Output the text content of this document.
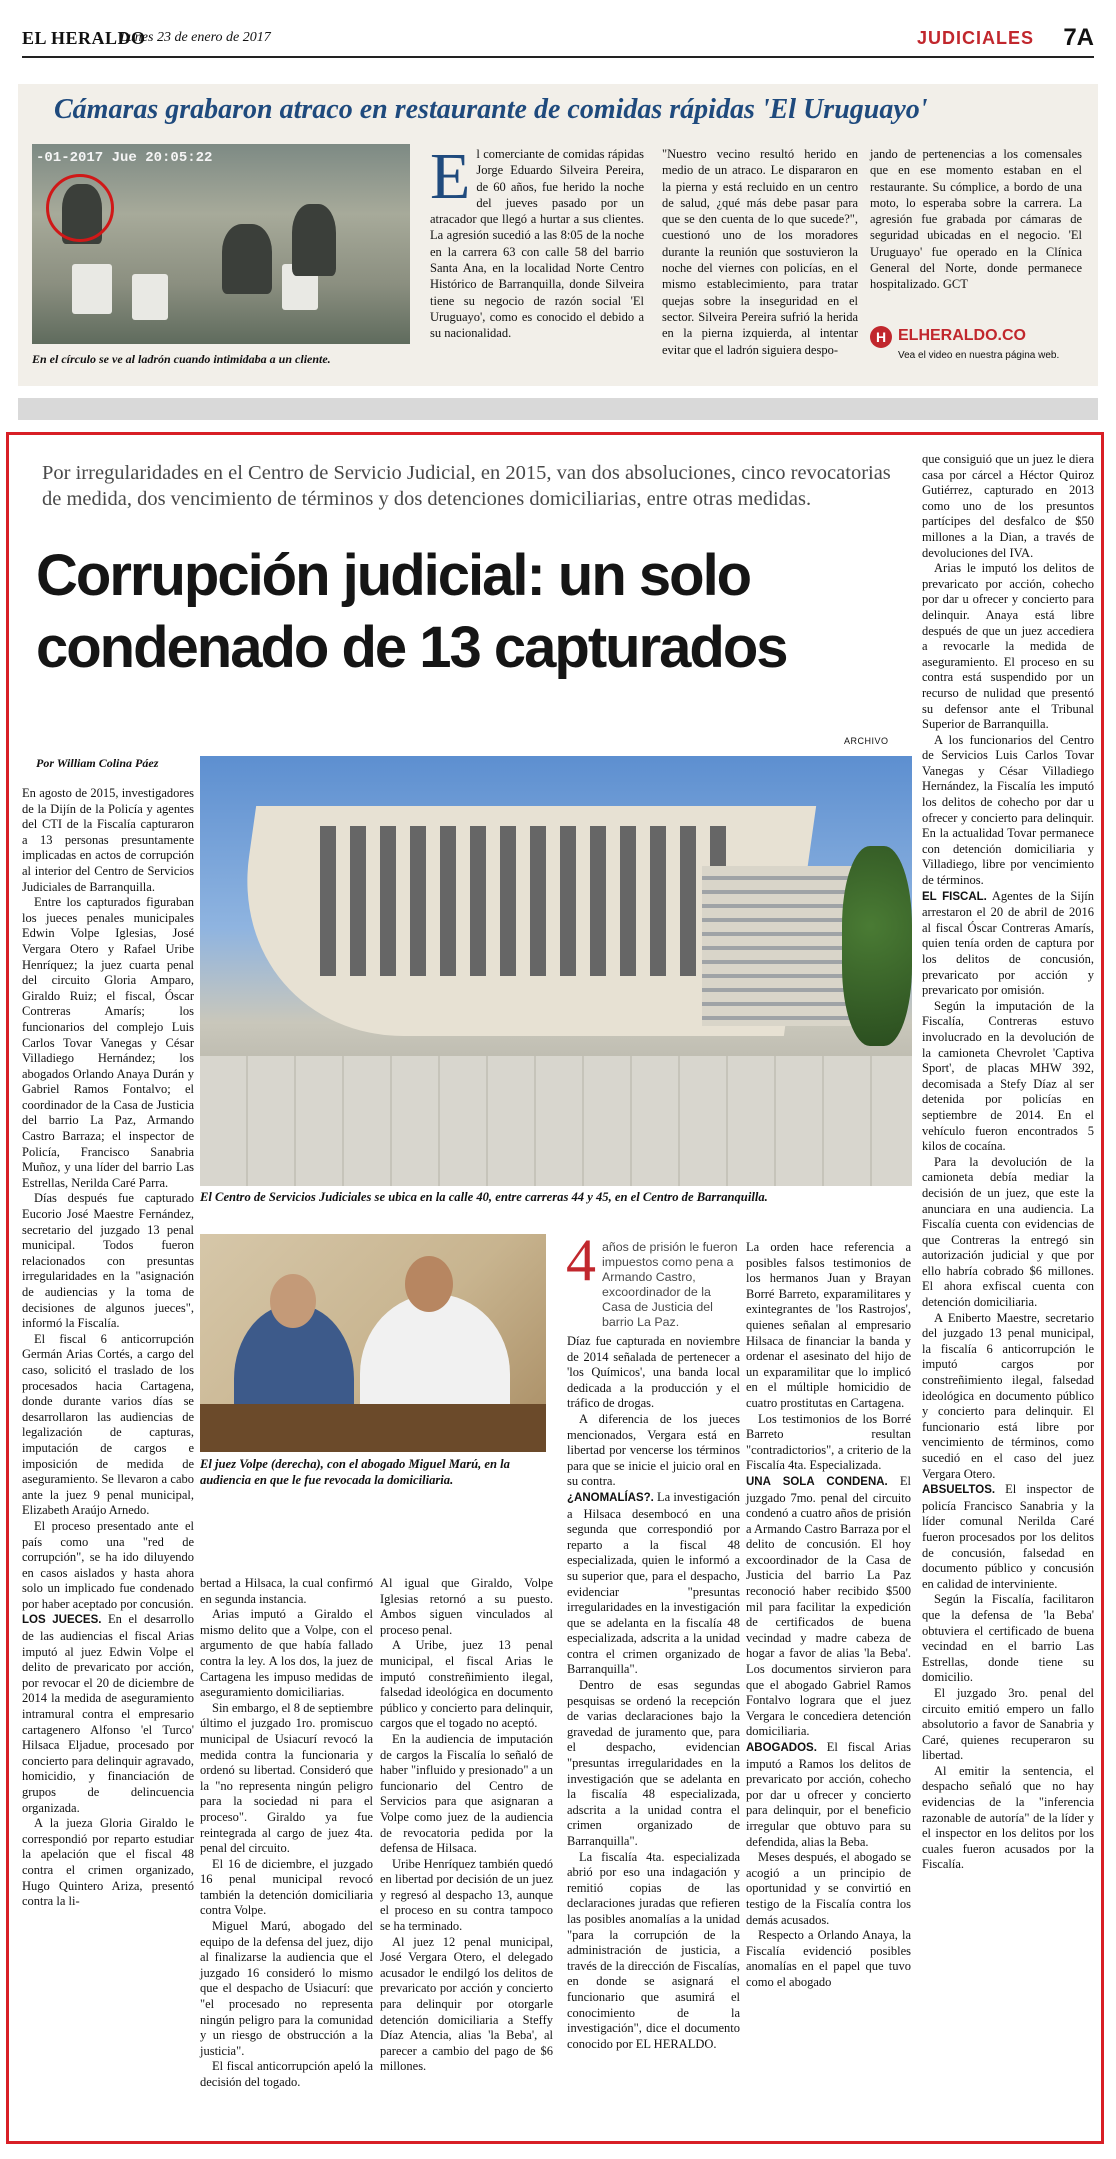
EL HERALDO
Lunes 23 de enero de 2017	JUDICIALES 7A
Cámaras grabaron atraco en restaurante de comidas rápidas 'El Uruguayo'
-01-2017 Jue 20:05:22
En el círculo se ve al ladrón cuando intimidaba a un cliente.
El comerciante de comidas rápidas Jorge Eduardo Silveira Pereira, de 60 años, fue herido la noche del jueves pasado por un atracador que llegó a hurtar a sus clientes. La agresión sucedió a las 8:05 de la noche en la carrera 63 con calle 58 del barrio Santa Ana, en la localidad Norte Centro Histórico de Barranquilla, donde Silveira tiene su negocio de razón social 'El Uruguayo', como es conocido el debido a su nacionalidad.
"Nuestro vecino resultó herido en medio de un atraco. Le dispararon en la pierna y está recluido en un centro de salud, ¿qué más debe pasar para que se den cuenta de lo que sucede?", cuestionó uno de los moradores durante la reunión que sostuvieron la noche del viernes con policías, en el mismo establecimiento, para tratar quejas sobre la inseguridad en el sector. Silveira Pereira sufrió la herida en la pierna izquierda, al intentar evitar que el ladrón siguiera despo-
jando de pertenencias a los comensales que en ese momento estaban en el restaurante. Su cómplice, a bordo de una moto, lo esperaba sobre la carrera. La agresión fue grabada por cámaras de seguridad ubicadas en el negocio. 'El Uruguayo' fue operado en la Clínica General del Norte, donde permanece hospitalizado. GCT
H ELHERALDO.CO
Vea el video en nuestra página web.
Por irregularidades en el Centro de Servicio Judicial, en 2015, van dos absoluciones, cinco revocatorias de medida, dos vencimiento de términos y dos detenciones domiciliarias, entre otras medidas.
Corrupción judicial: un solo condenado de 13 capturados
ARCHIVO
Por William Colina Páez
El Centro de Servicios Judiciales se ubica en la calle 40, entre carreras 44 y 45, en el Centro de Barranquilla.
El juez Volpe (derecha), con el abogado Miguel Marú, en la audiencia en que le fue revocada la domiciliaria.
4 años de prisión le fueron impuestos como pena a Armando Castro, excoordinador de la Casa de Justicia del barrio La Paz.

En agosto de 2015, investigadores de la Dijín de la Policía y agentes del CTI de la Fiscalía capturaron a 13 personas presuntamente implicadas en actos de corrupción al interior del Centro de Servicios Judiciales de Barranquilla.

Entre los capturados figuraban los jueces penales municipales Edwin Volpe Iglesias, José Vergara Otero y Rafael Uribe Henríquez; la juez cuarta penal del circuito Gloria Amparo, Giraldo Ruiz; el fiscal, Óscar Contreras Amarís; los funcionarios del complejo Luis Carlos Tovar Vanegas y César Villadiego Hernández; los abogados Orlando Anaya Durán y Gabriel Ramos Fontalvo; el coordinador de la Casa de Justicia del barrio La Paz, Armando Castro Barraza; el inspector de Policía, Francisco Sanabria Muñoz, y una líder del barrio Las Estrellas, Nerilda Caré Parra.

Días después fue capturado Eucorio José Maestre Fernández, secretario del juzgado 13 penal municipal. Todos fueron relacionados con presuntas irregularidades en la "asignación de audiencias y la toma de decisiones de algunos jueces", informó la Fiscalía.

El fiscal 6 anticorrupción Germán Arias Cortés, a cargo del caso, solicitó el traslado de los procesados hacia Cartagena, donde durante varios días se desarrollaron las audiencias de legalización de capturas, imputación de cargos e imposición de medida de aseguramiento. Se llevaron a cabo ante la juez 9 penal municipal, Elizabeth Araújo Arnedo.

El proceso presentado ante el país como una "red de corrupción", se ha ido diluyendo en casos aislados y hasta ahora solo un implicado fue condenado por haber aceptado por concusión.

LOS JUECES. En el desarrollo de las audiencias el fiscal Arias imputó al juez Edwin Volpe el delito de prevaricato por acción, por revocar el 20 de diciembre de 2014 la medida de aseguramiento intramural contra el empresario cartagenero Alfonso 'el Turco' Hilsaca Eljadue, procesado por concierto para delinquir agravado, homicidio, y financiación de grupos de delincuencia organizada.

A la jueza Gloria Giraldo le correspondió por reparto estudiar la apelación que el fiscal 48 contra el crimen organizado, Hugo Quintero Ariza, presentó contra la li-

bertad a Hilsaca, la cual confirmó en segunda instancia.

Arias imputó a Giraldo el mismo delito que a Volpe, con el argumento de que había fallado contra la ley. A los dos, la juez de Cartagena les impuso medidas de aseguramiento domiciliarias.

Sin embargo, el 8 de septiembre último el juzgado 1ro. promiscuo municipal de Usiacurí revocó la medida contra la funcionaria y ordenó su libertad. Consideró que la "no representa ningún peligro para la sociedad ni para el proceso". Giraldo ya fue reintegrada al cargo de juez 4ta. penal del circuito.

El 16 de diciembre, el juzgado 16 penal municipal revocó también la detención domiciliaria contra Volpe.

Miguel Marú, abogado del equipo de la defensa del juez, dijo al finalizarse la audiencia que el juzgado 16 consideró lo mismo que el despacho de Usiacurí: que "el procesado no representa ningún peligro para la comunidad y un riesgo de obstrucción a la justicia".

El fiscal anticorrupción apeló la decisión del togado.

Al igual que Giraldo, Volpe Iglesias retornó a su puesto. Ambos siguen vinculados al proceso penal.

A Uribe, juez 13 penal municipal, el fiscal Arias le imputó constreñimiento ilegal, falsedad ideológica en documento público y concierto para delinquir, cargos que el togado no aceptó.

En la audiencia de imputación de cargos la Fiscalía lo señaló de haber "influido y presionado" a un funcionario del Centro de Servicios para que asignaran a Volpe como juez de la audiencia de revocatoria pedida por la defensa de Hilsaca.

Uribe Henríquez también quedó en libertad por decisión de un juez y regresó al despacho 13, aunque el proceso en su contra tampoco se ha terminado.

Al juez 12 penal municipal, José Vergara Otero, el delegado acusador le endilgó los delitos de prevaricato por acción y concierto para delinquir por otorgarle detención domiciliaria a Steffy Díaz Atencia, alias 'la Beba', al parecer a cambio del pago de $6 millones.

Díaz fue capturada en noviembre de 2014 señalada de pertenecer a 'los Químicos', una banda local dedicada a la producción y el tráfico de drogas.

A diferencia de los jueces mencionados, Vergara está en libertad por vencerse los términos para que se inicie el juicio oral en su contra.

¿ANOMALÍAS?. La investigación a Hilsaca desembocó en una segunda que correspondió por reparto a la fiscal 48 especializada, quien le informó a su superior que, para el despacho, evidenciar "presuntas irregularidades en la investigación que se adelanta en la fiscalía 48 especializada, adscrita a la unidad contra el crimen organizado de Barranquilla".

Dentro de esas segundas pesquisas se ordenó la recepción de varias declaraciones bajo la gravedad de juramento que, para el despacho, evidencian "presuntas irregularidades en la investigación que se adelanta en la fiscalía 48 especializada, adscrita a la unidad contra el crimen organizado de Barranquilla".

La fiscalía 4ta. especializada abrió por eso una indagación y remitió copias de las declaraciones juradas que refieren las posibles anomalías a la unidad "para la corrupción de la administración de justicia, a través de la dirección de Fiscalías, en donde se asignará el funcionario que asumirá el conocimiento de la investigación", dice el documento conocido por EL HERALDO.

La orden hace referencia a posibles falsos testimonios de los hermanos Juan y Brayan Borré Barreto, exparamilitares y exintegrantes de 'los Rastrojos', quienes señalan al empresario Hilsaca de financiar la banda y ordenar el asesinato del hijo de un exparamilitar que lo implicó en el múltiple homicidio de cuatro prostitutas en Cartagena.

Los testimonios de los Borré Barreto resultan "contradictorios", a criterio de la Fiscalía 4ta. Especializada.

UNA SOLA CONDENA. El juzgado 7mo. penal del circuito condenó a cuatro años de prisión a Armando Castro Barraza por el delito de concusión. El hoy excoordinador de la Casa de Justicia del barrio La Paz reconoció haber recibido $500 mil para facilitar la expedición de certificados de buena vecindad y madre cabeza de hogar a favor de alias 'la Beba'. Los documentos sirvieron para que el abogado Gabriel Ramos Fontalvo lograra que el juez Vergara le concediera detención domiciliaria.

ABOGADOS. El fiscal Arias imputó a Ramos los delitos de prevaricato por acción, cohecho por dar u ofrecer y concierto para delinquir, por el beneficio irregular que obtuvo para su defendida, alias la Beba.

Meses después, el abogado se acogió a un principio de oportunidad y se convirtió en testigo de la Fiscalía contra los demás acusados.

Respecto a Orlando Anaya, la Fiscalía evidenció posibles anomalías en el papel que tuvo como el abogado

que consiguió que un juez le diera casa por cárcel a Héctor Quiroz Gutiérrez, capturado en 2013 como uno de los presuntos partícipes del desfalco de $50 millones a la Dian, a través de devoluciones del IVA.

Arias le imputó los delitos de prevaricato por acción, cohecho por dar u ofrecer y concierto para delinquir. Anaya está libre después de que un juez accediera a revocarle la medida de aseguramiento. El proceso en su contra está suspendido por un recurso de nulidad que presentó su defensor ante el Tribunal Superior de Barranquilla.

A los funcionarios del Centro de Servicios Luis Carlos Tovar Vanegas y César Villadiego Hernández, la Fiscalía les imputó los delitos de cohecho por dar u ofrecer y concierto para delinquir. En la actualidad Tovar permanece con detención domiciliaria y Villadiego, libre por vencimiento de términos.

EL FISCAL. Agentes de la Sijín arrestaron el 20 de abril de 2016 al fiscal Óscar Contreras Amarís, quien tenía orden de captura por los delitos de concusión, prevaricato por acción y prevaricato por omisión.

Según la imputación de la Fiscalía, Contreras estuvo involucrado en la devolución de la camioneta Chevrolet 'Captiva Sport', de placas MHW 392, decomisada a Stefy Díaz al ser detenida por policías en septiembre de 2014. En el vehículo fueron encontrados 5 kilos de cocaína.

Para la devolución de la camioneta debía mediar la decisión de un juez, que este la anunciara en una audiencia. La Fiscalía cuenta con evidencias de que Contreras la entregó sin autorización judicial y que por ello habría cobrado $6 millones. El ahora exfiscal cuenta con detención domiciliaria.

A Eniberto Maestre, secretario del juzgado 13 penal municipal, la fiscalía 6 anticorrupción le imputó cargos por constreñimiento ilegal, falsedad ideológica en documento público y concierto para delinquir. El funcionario está libre por vencimiento de términos, como sucedió en el caso del juez Vergara Otero.

ABSUELTOS. El inspector de policía Francisco Sanabria y la líder comunal Nerilda Caré fueron procesados por los delitos de concusión, falsedad en documento público y concusión en calidad de interviniente.

Según la Fiscalía, facilitaron que la defensa de 'la Beba' obtuviera el certificado de buena vecindad en el barrio Las Estrellas, donde tiene su domicilio.

El juzgado 3ro. penal del circuito emitió empero un fallo absolutorio a favor de Sanabria y Caré, quienes recuperaron su libertad.

Al emitir la sentencia, el despacho señaló que no hay evidencias de la "inferencia razonable de autoría" de la líder y el inspector en los delitos por los cuales fueron acusados por la Fiscalía.
